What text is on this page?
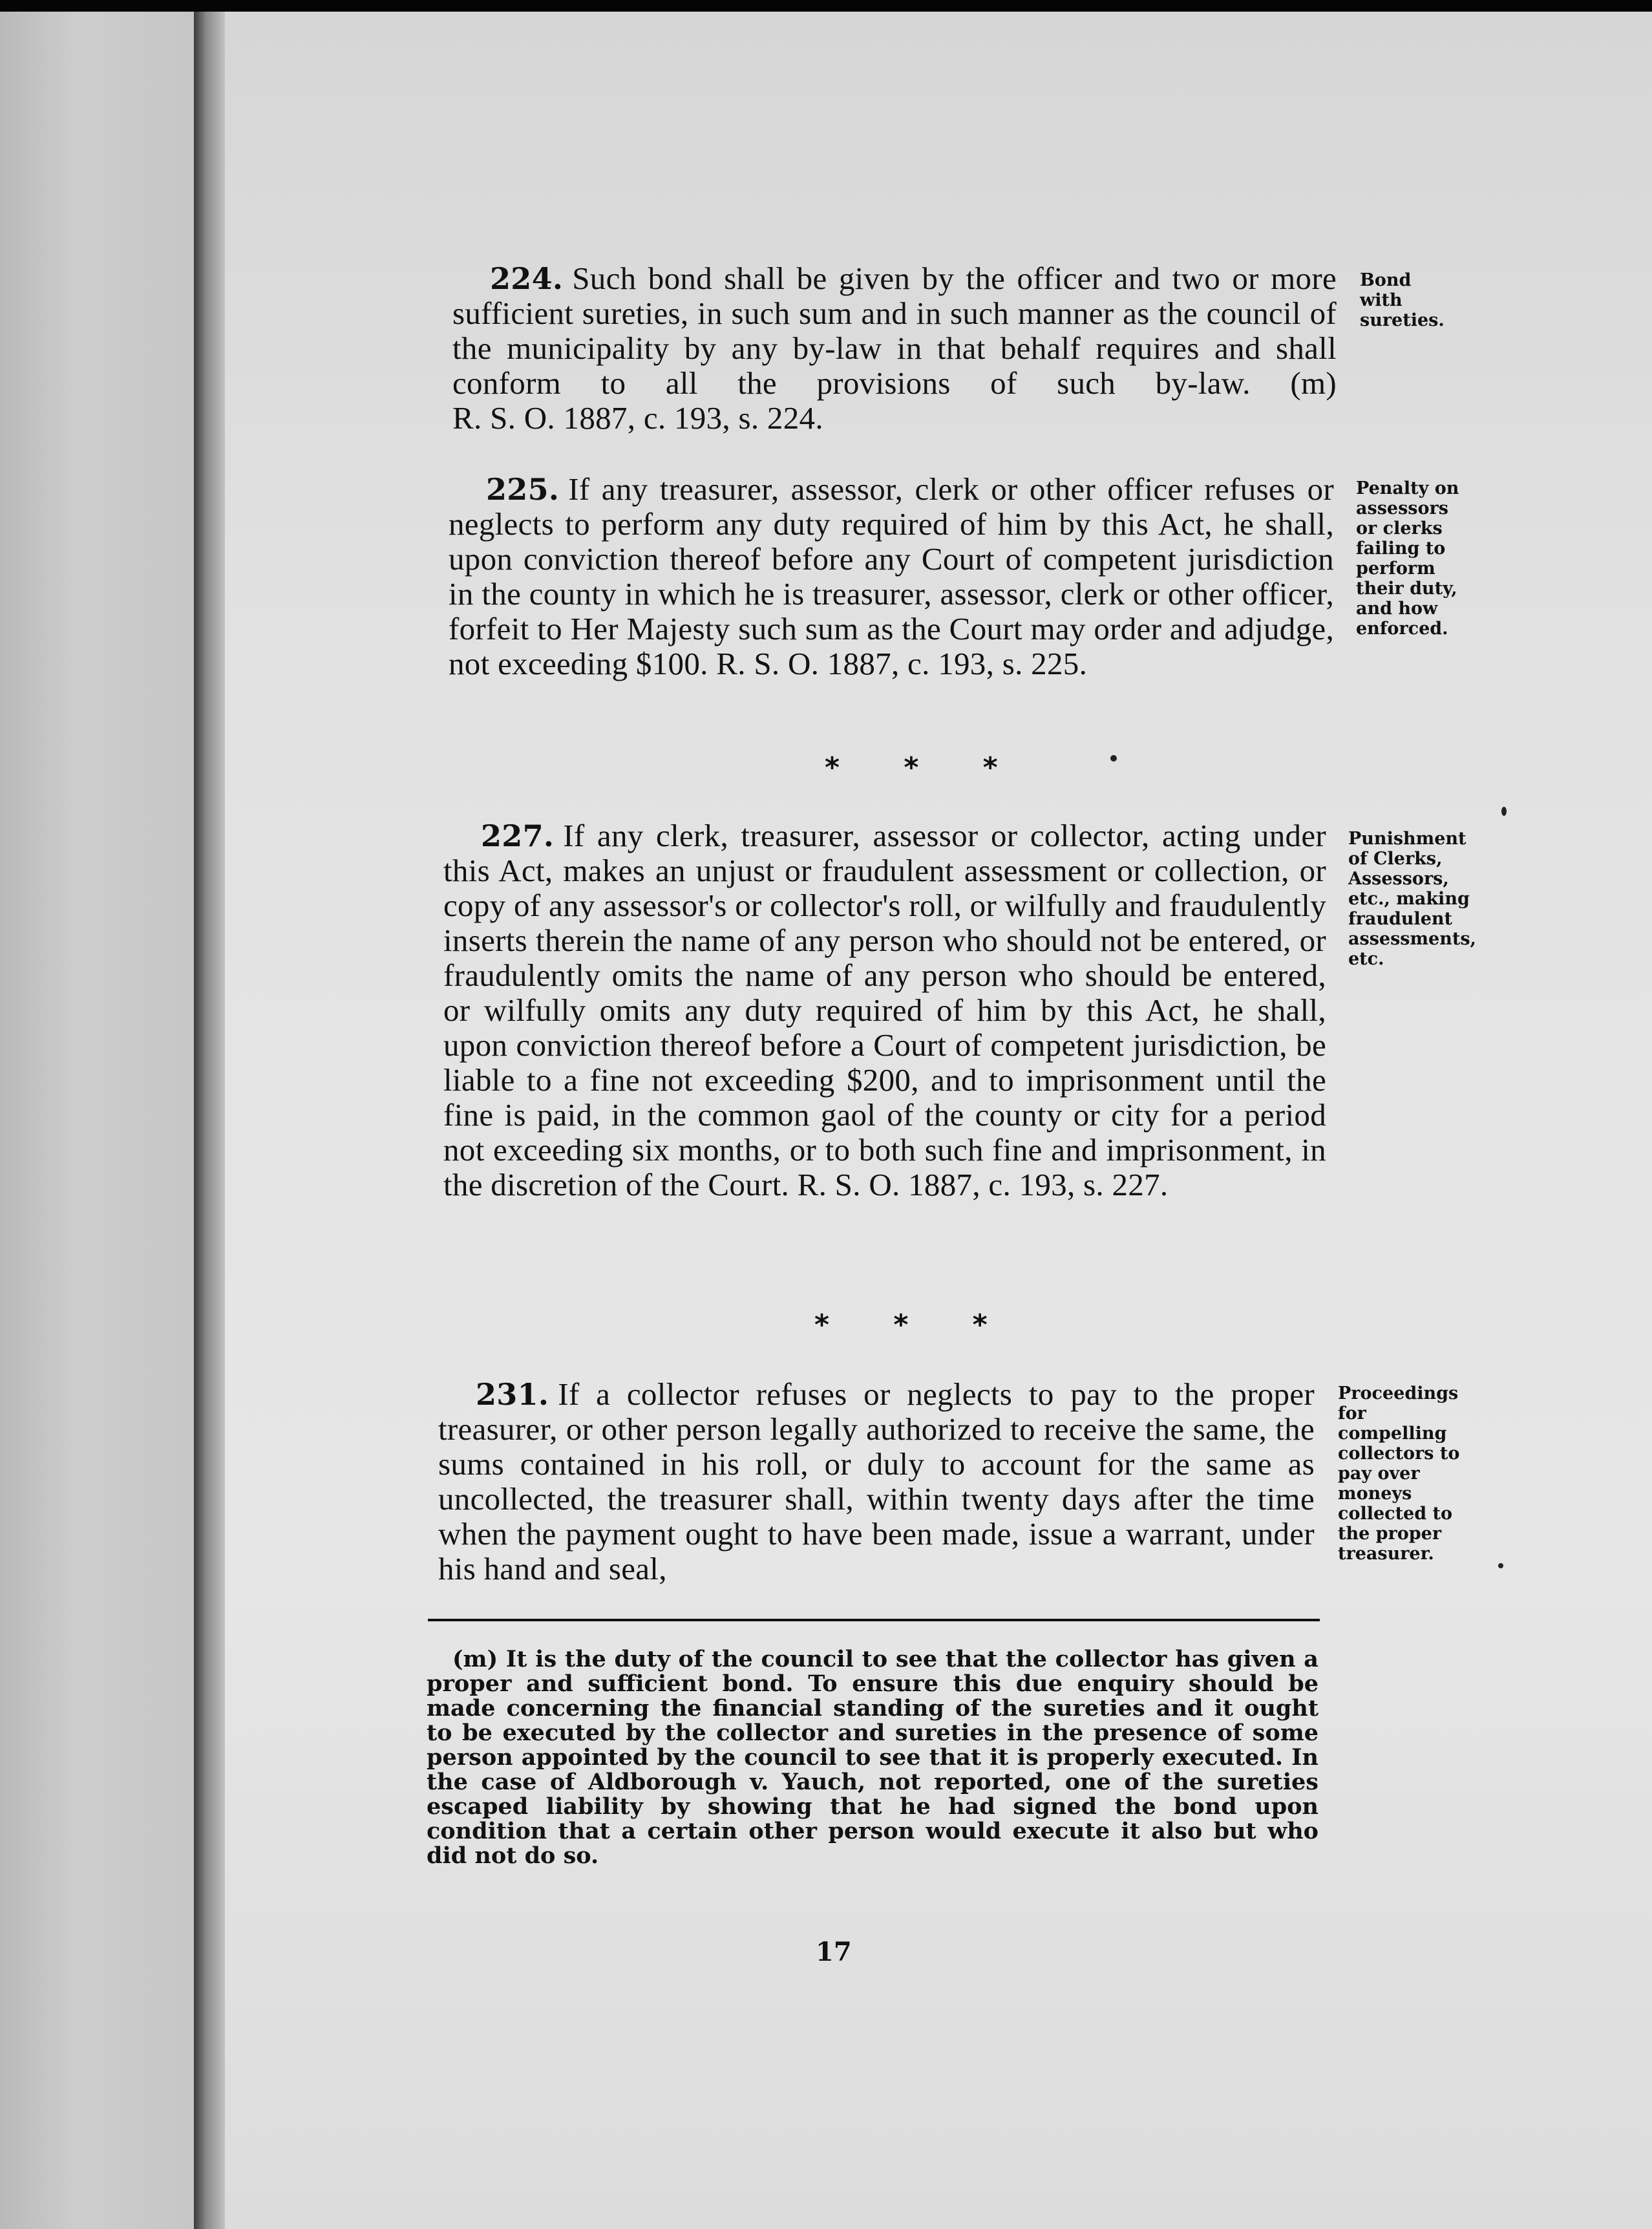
224. Such bond shall be given by the officer and two or more sufficient sureties, in such sum and in such manner as the council of the municipality by any by-law in that behalf requires and shall conform to all the provisions of such by-law. (m) R. S. O. 1887, c. 193, s. 224.

Bond with sureties.

225. If any treasurer, assessor, clerk or other officer refuses or neglects to perform any duty required of him by this Act, he shall, upon conviction thereof before any Court of competent jurisdiction in the county in which he is treasurer, assessor, clerk or other officer, forfeit to Her Majesty such sum as the Court may order and adjudge, not exceeding $100. R. S. O. 1887, c. 193, s. 225.

Penalty on assessors or clerks failing to perform their duty, and how enforced.
* * *

227. If any clerk, treasurer, assessor or collector, acting under this Act, makes an unjust or fraudulent assessment or collection, or copy of any assessor's or collector's roll, or wilfully and fraudulently inserts therein the name of any person who should not be entered, or fraudulently omits the name of any person who should be entered, or wilfully omits any duty required of him by this Act, he shall, upon conviction thereof before a Court of competent jurisdiction, be liable to a fine not exceeding $200, and to imprisonment until the fine is paid, in the common gaol of the county or city for a period not exceeding six months, or to both such fine and imprisonment, in the discretion of the Court. R. S. O. 1887, c. 193, s. 227.

Punishment of Clerks, Assessors, etc., making fraudulent assessments, etc.
* * *

231. If a collector refuses or neglects to pay to the proper treasurer, or other person legally authorized to receive the same, the sums contained in his roll, or duly to account for the same as uncollected, the treasurer shall, within twenty days after the time when the payment ought to have been made, issue a warrant, under his hand and seal,

Proceedings for compelling collectors to pay over moneys collected to the proper treasurer.

(m) It is the duty of the council to see that the collector has given a proper and sufficient bond. To ensure this due enquiry should be made concerning the financial standing of the sureties and it ought to be executed by the collector and sureties in the presence of some person appointed by the council to see that it is properly executed. In the case of Aldborough v. Yauch, not reported, one of the sureties escaped liability by showing that he had signed the bond upon condition that a certain other person would execute it also but who did not do so.

17
